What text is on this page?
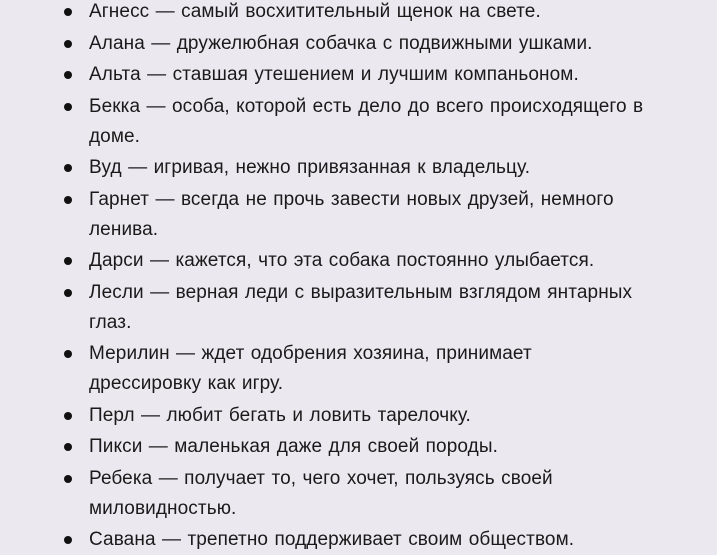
Агнесс — самый восхитительный щенок на свете.
Алана — дружелюбная собачка с подвижными ушками.
Альта — ставшая утешением и лучшим компаньоном.
Бекка — особа, которой есть дело до всего происходящего в доме.
Вуд — игривая, нежно привязанная к владельцу.
Гарнет — всегда не прочь завести новых друзей, немного ленива.
Дарси — кажется, что эта собака постоянно улыбается.
Лесли — верная леди с выразительным взглядом янтарных глаз.
Мерилин — ждет одобрения хозяина, принимает дрессировку как игру.
Перл — любит бегать и ловить тарелочку.
Пикси — маленькая даже для своей породы.
Ребека — получает то, чего хочет, пользуясь своей миловидностью.
Савана — трепетно поддерживает своим обществом.
